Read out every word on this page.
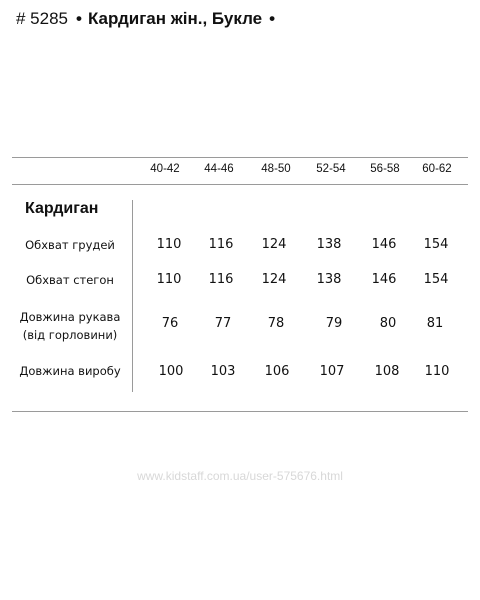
# 5285 • Кардиган жін., Букле •
40-42	44-46	48-50	52-54	56-58	60-62
Кардиган
Обхват грудей	110	116	124	138	146	154
Обхват стегон	110	116	124	138	146	154
Довжина рукава
(від горловини)
76	77	78	79	80	81
Довжина виробу	100	103	106	107	108	110
www.kidstaff.com.ua/user-575676.html
